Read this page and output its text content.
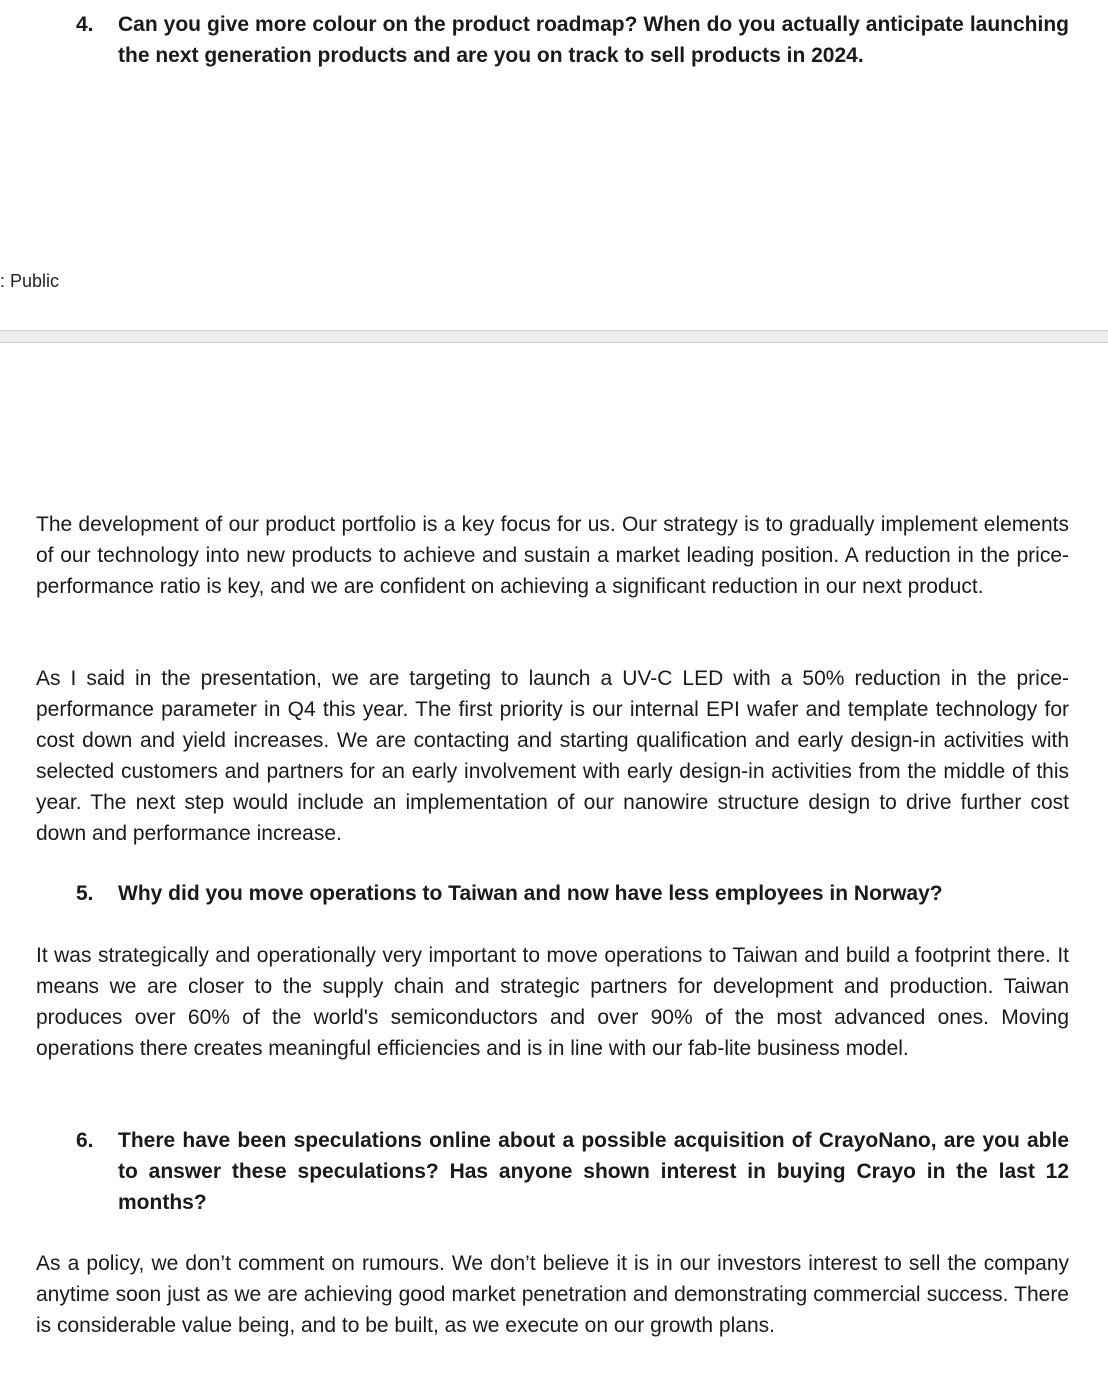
4. Can you give more colour on the product roadmap? When do you actually anticipate launching the next generation products and are you on track to sell products in 2024.
: Public

The development of our product portfolio is a key focus for us. Our strategy is to gradually implement elements of our technology into new products to achieve and sustain a market leading position. A reduction in the price-performance ratio is key, and we are confident on achieving a significant reduction in our next product.

As I said in the presentation, we are targeting to launch a UV-C LED with a 50% reduction in the price-performance parameter in Q4 this year. The first priority is our internal EPI wafer and template technology for cost down and yield increases. We are contacting and starting qualification and early design-in activities with selected customers and partners for an early involvement with early design-in activities from the middle of this year. The next step would include an implementation of our nanowire structure design to drive further cost down and performance increase.

5. Why did you move operations to Taiwan and now have less employees in Norway?

It was strategically and operationally very important to move operations to Taiwan and build a footprint there. It means we are closer to the supply chain and strategic partners for development and production. Taiwan produces over 60% of the world's semiconductors and over 90% of the most advanced ones. Moving operations there creates meaningful efficiencies and is in line with our fab-lite business model.

6. There have been speculations online about a possible acquisition of CrayoNano, are you able to answer these speculations? Has anyone shown interest in buying Crayo in the last 12 months?

As a policy, we don’t comment on rumours. We don’t believe it is in our investors interest to sell the company anytime soon just as we are achieving good market penetration and demonstrating commercial success. There is considerable value being, and to be built, as we execute on our growth plans.
